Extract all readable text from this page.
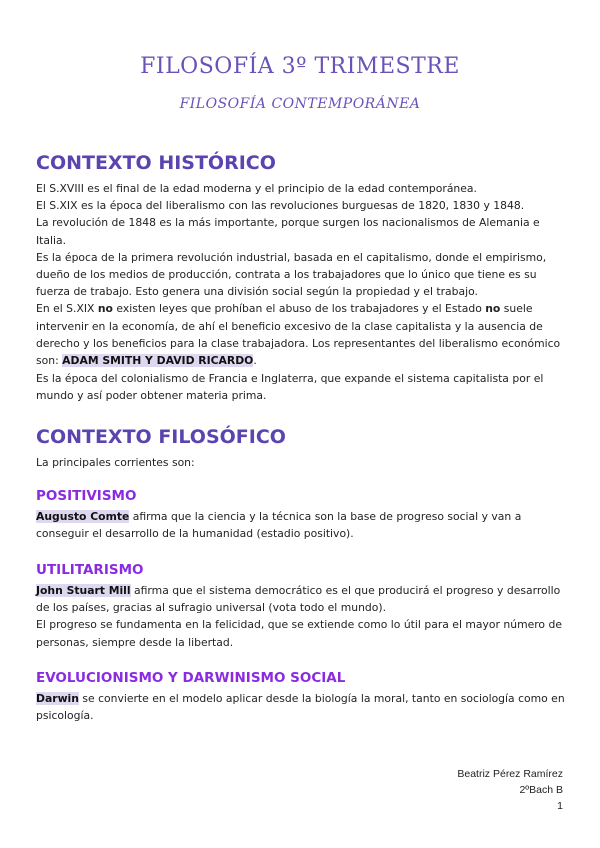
FILOSOFÍA 3º TRIMESTRE
FILOSOFÍA CONTEMPORÁNEA
CONTEXTO HISTÓRICO

El S.XVIII es el final de la edad moderna y el principio de la edad contemporánea.
El S.XIX es la época del liberalismo con las revoluciones burguesas de 1820, 1830 y 1848.
La revolución de 1848 es la más importante, porque surgen los nacionalismos de Alemania e Italia.
Es la época de la primera revolución industrial, basada en el capitalismo, donde el empirismo, dueño de los medios de producción, contrata a los trabajadores que lo único que tiene es su fuerza de trabajo. Esto genera una división social según la propiedad y el trabajo.
En el S.XIX no existen leyes que prohíban el abuso de los trabajadores y el Estado no suele intervenir en la economía, de ahí el beneficio excesivo de la clase capitalista y la ausencia de derecho y los beneficios para la clase trabajadora. Los representantes del liberalismo económico son: ADAM SMITH Y DAVID RICARDO.

Es la época del colonialismo de Francia e Inglaterra, que expande el sistema capitalista por el mundo y así poder obtener materia prima.

CONTEXTO FILOSÓFICO

La principales corrientes son:

POSITIVISMO

Augusto Comte afirma que la ciencia y la técnica son la base de progreso social y van a conseguir el desarrollo de la humanidad (estadio positivo).

UTILITARISMO

John Stuart Mill afirma que el sistema democrático es el que producirá el progreso y desarrollo de los países, gracias al sufragio universal (vota todo el mundo).
El progreso se fundamenta en la felicidad, que se extiende como lo útil para el mayor número de personas, siempre desde la libertad.

EVOLUCIONISMO Y DARWINISMO SOCIAL

Darwin se convierte en el modelo aplicar desde la biología la moral, tanto en sociología como en psicología.

Beatriz Pérez Ramírez
2ºBach B
1
